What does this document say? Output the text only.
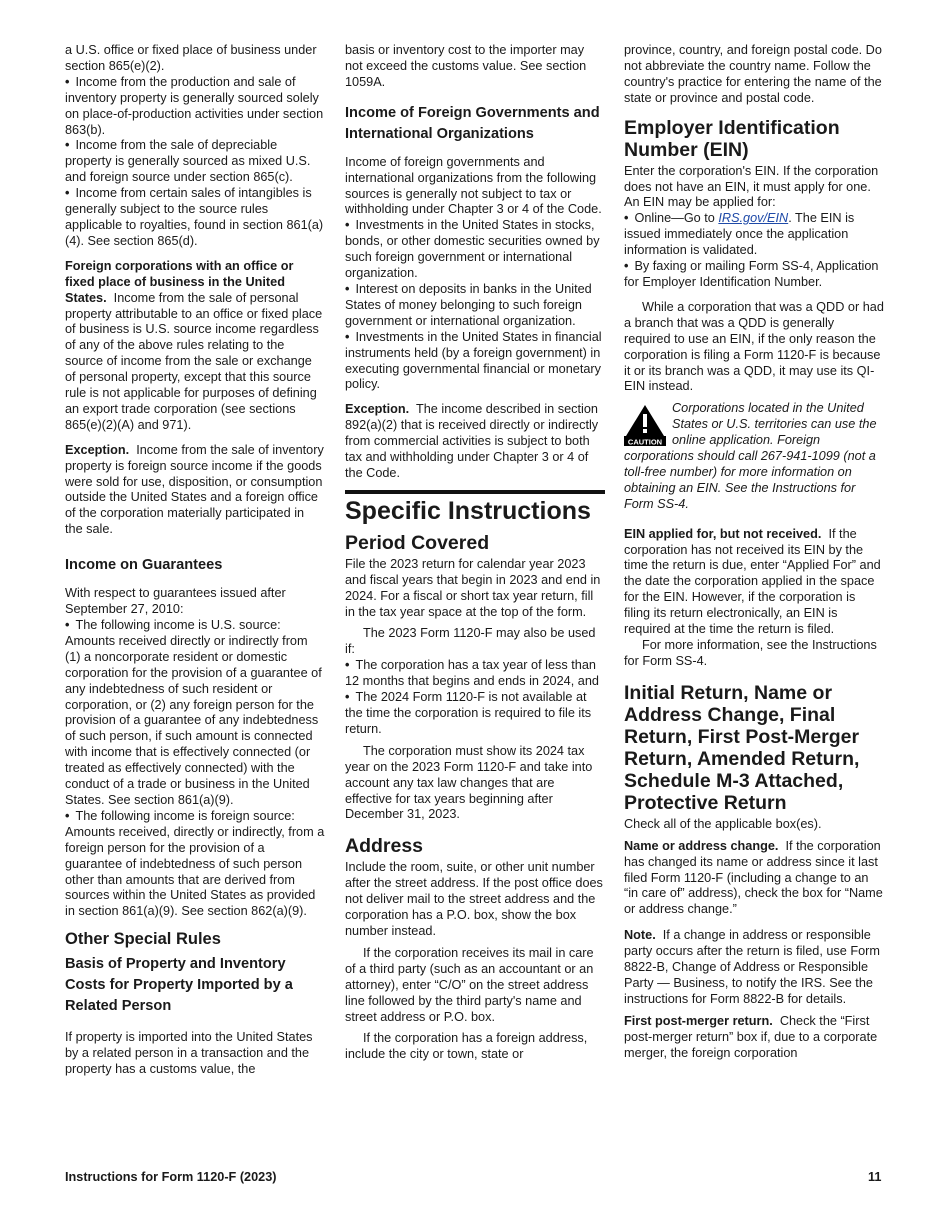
a U.S. office or fixed place of business under section 865(e)(2).

• Income from the production and sale of inventory property is generally sourced solely on place-of-production activities under section 863(b).

• Income from the sale of depreciable property is generally sourced as mixed U.S. and foreign source under section 865(c).

• Income from certain sales of intangibles is generally subject to the source rules applicable to royalties, found in section 861(a)(4). See section 865(d).

Foreign corporations with an office or fixed place of business in the United States. Income from the sale of personal property attributable to an office or fixed place of business is U.S. source income regardless of any of the above rules relating to the source of income from the sale or exchange of personal property, except that this source rule is not applicable for purposes of defining an export trade corporation (see sections 865(e)(2)(A) and 971).

Exception. Income from the sale of inventory property is foreign source income if the goods were sold for use, disposition, or consumption outside the United States and a foreign office of the corporation materially participated in the sale.

Income on Guarantees

With respect to guarantees issued after September 27, 2010:

• The following income is U.S. source: Amounts received directly or indirectly from (1) a noncorporate resident or domestic corporation for the provision of a guarantee of any indebtedness of such resident or corporation, or (2) any foreign person for the provision of a guarantee of any indebtedness of such person, if such amount is connected with income that is effectively connected (or treated as effectively connected) with the conduct of a trade or business in the United States. See section 861(a)(9).

• The following income is foreign source: Amounts received, directly or indirectly, from a foreign person for the provision of a guarantee of indebtedness of such person other than amounts that are derived from sources within the United States as provided in section 861(a)(9). See section 862(a)(9).

Other Special Rules
Basis of Property and Inventory Costs for Property Imported by a Related Person

If property is imported into the United States by a related person in a transaction and the property has a customs value, the

basis or inventory cost to the importer may not exceed the customs value. See section 1059A.

Income of Foreign Governments and International Organizations

Income of foreign governments and international organizations from the following sources is generally not subject to tax or withholding under Chapter 3 or 4 of the Code.

• Investments in the United States in stocks, bonds, or other domestic securities owned by such foreign government or international organization.

• Interest on deposits in banks in the United States of money belonging to such foreign government or international organization.

• Investments in the United States in financial instruments held (by a foreign government) in executing governmental financial or monetary policy.

Exception. The income described in section 892(a)(2) that is received directly or indirectly from commercial activities is subject to both tax and withholding under Chapter 3 or 4 of the Code.

Specific Instructions
Period Covered

File the 2023 return for calendar year 2023 and fiscal years that begin in 2023 and end in 2024. For a fiscal or short tax year return, fill in the tax year space at the top of the form.

The 2023 Form 1120-F may also be used if:

• The corporation has a tax year of less than 12 months that begins and ends in 2024, and

• The 2024 Form 1120-F is not available at the time the corporation is required to file its return.

The corporation must show its 2024 tax year on the 2023 Form 1120-F and take into account any tax law changes that are effective for tax years beginning after December 31, 2023.

Address

Include the room, suite, or other unit number after the street address. If the post office does not deliver mail to the street address and the corporation has a P.O. box, show the box number instead.

If the corporation receives its mail in care of a third party (such as an accountant or an attorney), enter “C/O” on the street address line followed by the third party's name and street address or P.O. box.

If the corporation has a foreign address, include the city or town, state or

province, country, and foreign postal code. Do not abbreviate the country name. Follow the country's practice for entering the name of the state or province and postal code.

Employer Identification Number (EIN)

Enter the corporation's EIN. If the corporation does not have an EIN, it must apply for one. An EIN may be applied for:

• Online—Go to IRS.gov/EIN. The EIN is issued immediately once the application information is validated.

• By faxing or mailing Form SS-4, Application for Employer Identification Number.

While a corporation that was a QDD or had a branch that was a QDD is generally required to use an EIN, if the only reason the corporation is filing a Form 1120-F is because it or its branch was a QDD, it may use its QI-EIN instead.

CAUTION

Corporations located in the United States or U.S. territories can use the online application. Foreign corporations should call 267-941-1099 (not a toll-free number) for more information on obtaining an EIN. See the Instructions for Form SS-4.

EIN applied for, but not received. If the corporation has not received its EIN by the time the return is due, enter “Applied For” and the date the corporation applied in the space for the EIN. However, if the corporation is filing its return electronically, an EIN is required at the time the return is filed.

For more information, see the Instructions for Form SS-4.

Initial Return, Name or Address Change, Final Return, First Post-Merger Return, Amended Return, Schedule M-3 Attached, Protective Return

Check all of the applicable box(es).

Name or address change. If the corporation has changed its name or address since it last filed Form 1120-F (including a change to an “in care of” address), check the box for “Name or address change.”

Note. If a change in address or responsible party occurs after the return is filed, use Form 8822-B, Change of Address or Responsible Party — Business, to notify the IRS. See the instructions for Form 8822-B for details.

First post-merger return. Check the “First post-merger return” box if, due to a corporate merger, the foreign corporation

Instructions for Form 1120-F (2023)	11
